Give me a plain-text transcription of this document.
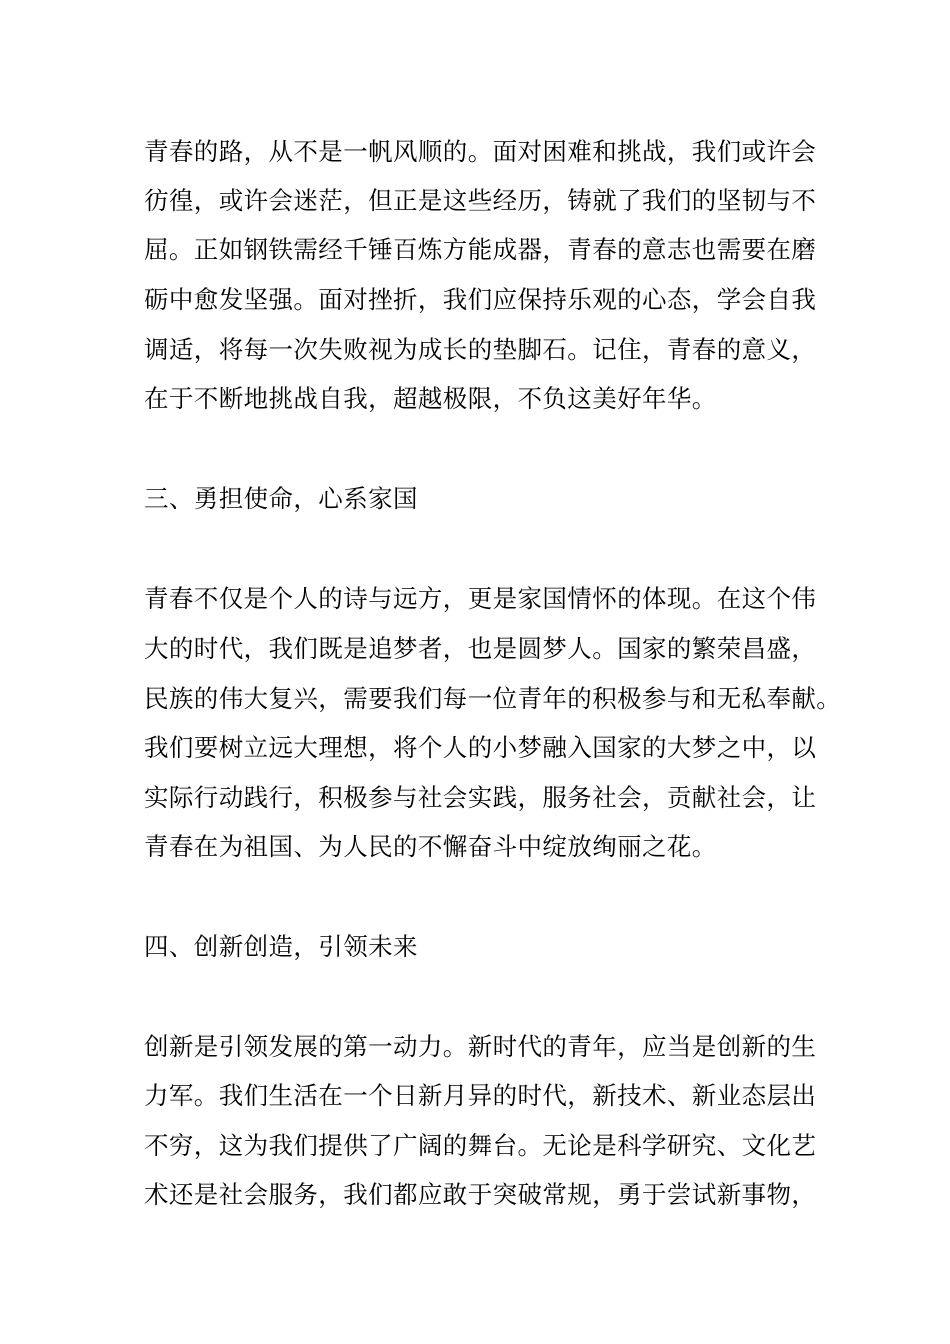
青春的路，从不是一帆风顺的。面对困难和挑战，我们或许会
彷徨，或许会迷茫，但正是这些经历，铸就了我们的坚韧与不
屈。正如钢铁需经千锤百炼方能成器，青春的意志也需要在磨
砺中愈发坚强。面对挫折，我们应保持乐观的心态，学会自我
调适，将每一次失败视为成长的垫脚石。记住，青春的意义，
在于不断地挑战自我，超越极限，不负这美好年华。
三、勇担使命，心系家国
青春不仅是个人的诗与远方，更是家国情怀的体现。在这个伟
大的时代，我们既是追梦者，也是圆梦人。国家的繁荣昌盛，
民族的伟大复兴，需要我们每一位青年的积极参与和无私奉献。
我们要树立远大理想，将个人的小梦融入国家的大梦之中，以
实际行动践行，积极参与社会实践，服务社会，贡献社会，让
青春在为祖国、为人民的不懈奋斗中绽放绚丽之花。
四、创新创造，引领未来
创新是引领发展的第一动力。新时代的青年，应当是创新的生
力军。我们生活在一个日新月异的时代，新技术、新业态层出
不穷，这为我们提供了广阔的舞台。无论是科学研究、文化艺
术还是社会服务，我们都应敢于突破常规，勇于尝试新事物，
